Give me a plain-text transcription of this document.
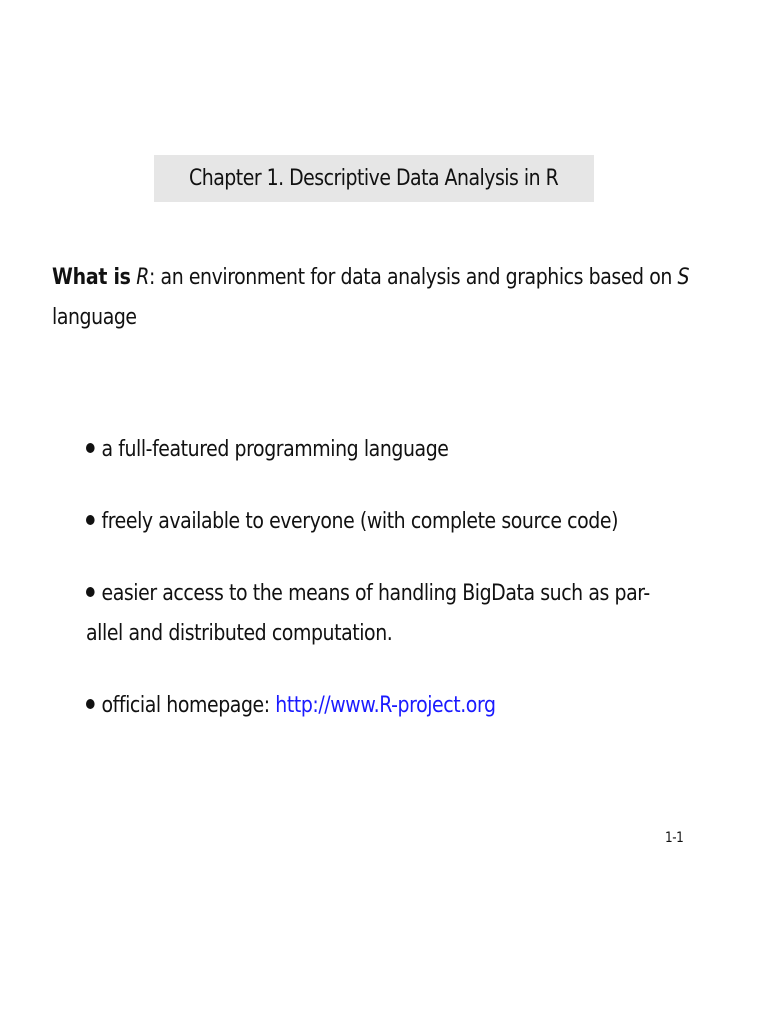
Chapter 1. Descriptive Data Analysis in R
What is R: an environment for data analysis and graphics based on S
language
a full-featured programming language
freely available to everyone (with complete source code)
easier access to the means of handling BigData such as par-
allel and distributed computation.
official homepage: http://www.R-project.org
1-1
